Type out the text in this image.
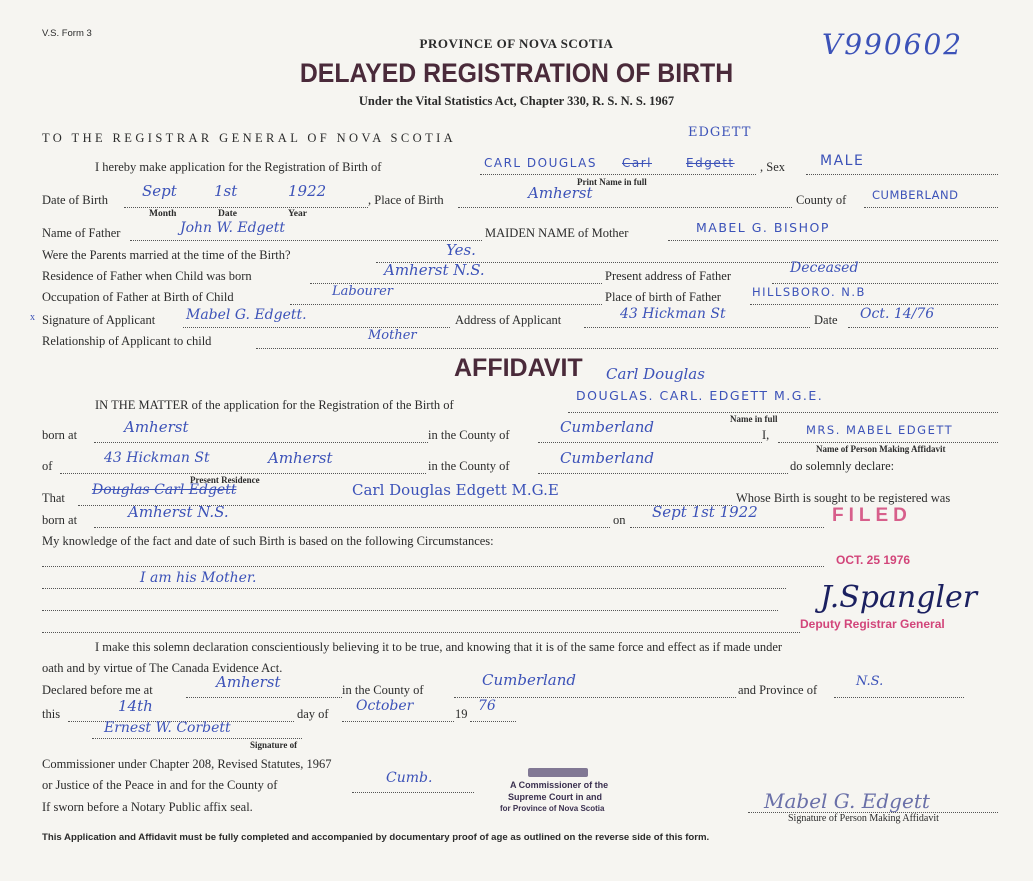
V.S. Form 3	V990602
PROVINCE OF NOVA SCOTIA
DELAYED REGISTRATION OF BIRTH
Under the Vital Statistics Act, Chapter 330, R. S. N. S. 1967
TO THE REGISTRAR GENERAL OF NOVA SCOTIA	EDGETT
I hereby make application for the Registration of Birth of	CARL DOUGLAS Carl	Edgett
Print Name in full
, Sex	MALE
Date of Birth Sept 1st	1922
Month	Date	Year
, Place of Birth	Amherst	County of CUMBERLAND
Name of Father	John W. Edgett	MAIDEN NAME of Mother	MABEL G. BISHOP
Were the Parents married at the time of the Birth?	Yes.
Residence of Father when Child was born	Amherst N.S.	Present address of Father	Deceased
Occupation of Father at Birth of Child	Labourer	Place of birth of Father	HILLSBORO. N.B
x Signature of Applicant Mabel G. Edgett.	Address of Applicant	43 Hickman St	Date Oct. 14/76
Relationship of Applicant to child	Mother
AFFIDAVIT Carl Douglas
IN THE MATTER of the application for the Registration of the Birth of
DOUGLAS. CARL. EDGETT M.G.E.
Name in full
born at	Amherst	in the County of	Cumberland	I,	MRS. MABEL EDGETT
Name of Person Making Affidavit
of	43 Hickman St	Amherst
Present Residence
in the County of	Cumberland	do solemnly declare:
That Douglas Carl Edgett	Carl Douglas Edgett M.G.E	Whose Birth is sought to be registered was
born at	Amherst N.S.	on Sept 1st 1922	FILED
My knowledge of the fact and date of such Birth is based on the following Circumstances:
I am his Mother.
OCT. 25 1976
J.Spangler
Deputy Registrar General
I make this solemn declaration conscientiously believing it to be true, and knowing that it is of the same force and effect as if made under
oath and by virtue of The Canada Evidence Act.
Declared before me at	Amherst	in the County of
Cumberland
and Province of
N.S.
this	14th	day of October	19 76
Ernest W. Corbett
Signature of
Commissioner under Chapter 208, Revised Statutes, 1967
or Justice of the Peace in and for the County of	Cumb.
If sworn before a Notary Public affix seal.
A Commissioner of the
Supreme Court in and
for Province of Nova Scotia	Mabel G. Edgett
Signature of Person Making Affidavit
This Application and Affidavit must be fully completed and accompanied by documentary proof of age as outlined on the reverse side of this form.
